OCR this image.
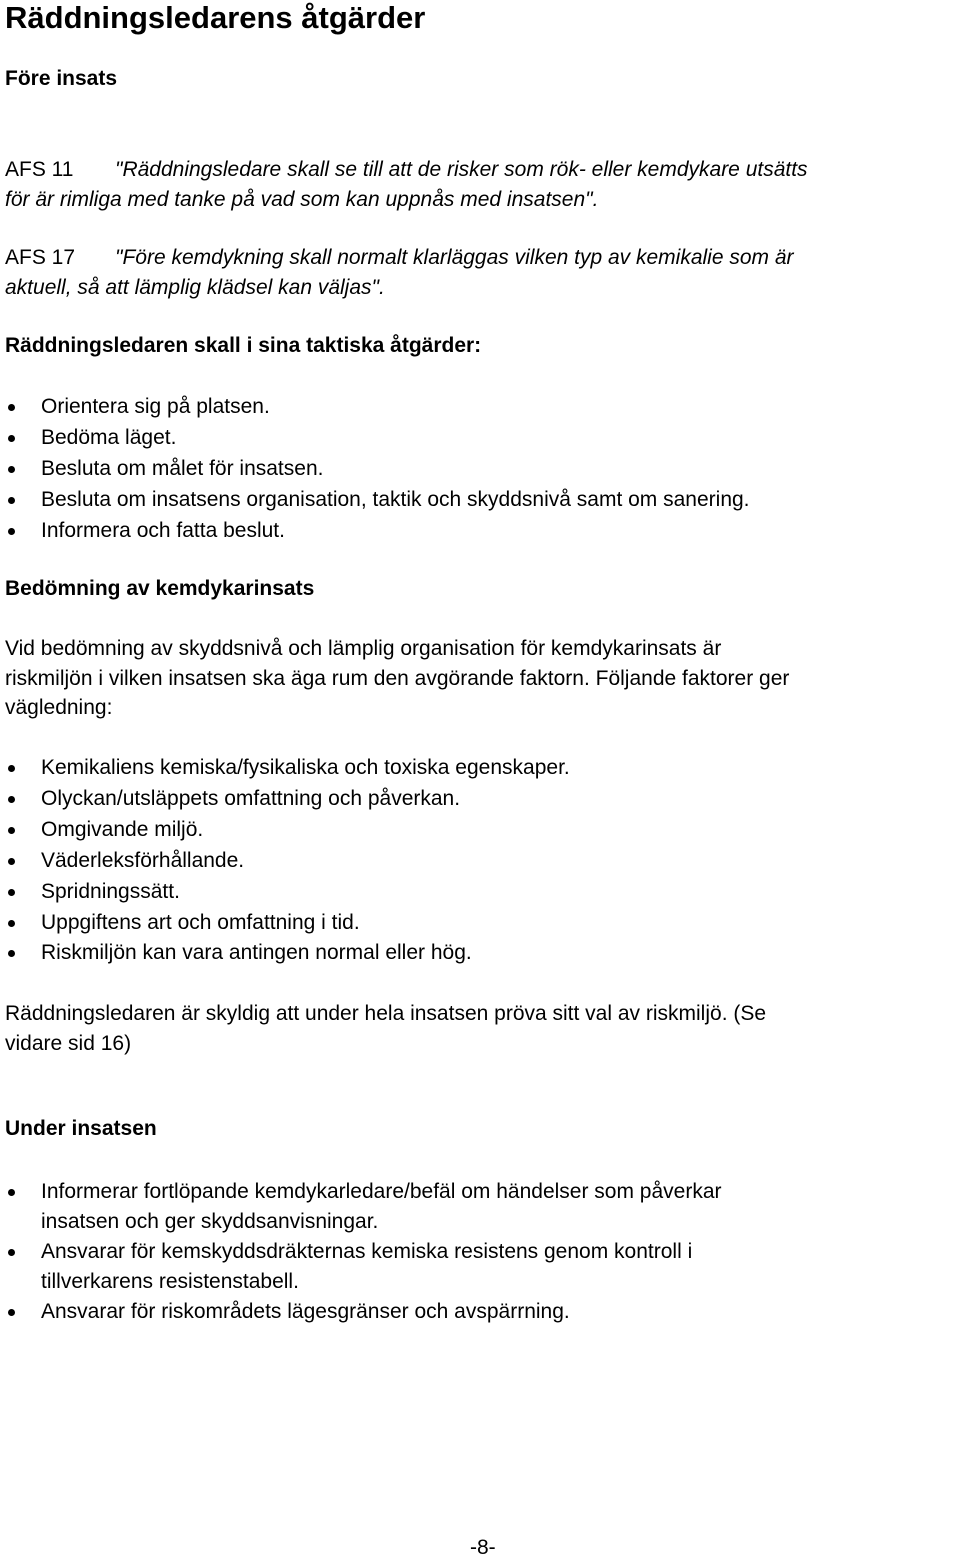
Räddningsledarens åtgärder
Före insats
AFS 11 "Räddningsledare skall se till att de risker som rök- eller kemdykare utsätts
för är rimliga med tanke på vad som kan uppnås med insatsen".
AFS 17 "Före kemdykning skall normalt klarläggas vilken typ av kemikalie som är
aktuell, så att lämplig klädsel kan väljas".
Räddningsledaren skall i sina taktiska åtgärder:
Orientera sig på platsen.
Bedöma läget.
Besluta om målet för insatsen.
Besluta om insatsens organisation, taktik och skyddsnivå samt om sanering.
Informera och fatta beslut.
Bedömning av kemdykarinsats
Vid bedömning av skyddsnivå och lämplig organisation för kemdykarinsats är
riskmiljön i vilken insatsen ska äga rum den avgörande faktorn. Följande faktorer ger
vägledning:
Kemikaliens kemiska/fysikaliska och toxiska egenskaper.
Olyckan/utsläppets omfattning och påverkan.
Omgivande miljö.
Väderleksförhållande.
Spridningssätt.
Uppgiftens art och omfattning i tid.
Riskmiljön kan vara antingen normal eller hög.
Räddningsledaren är skyldig att under hela insatsen pröva sitt val av riskmiljö. (Se
vidare sid 16)
Under insatsen
Informerar fortlöpande kemdykarledare/befäl om händelser som påverkar
insatsen och ger skyddsanvisningar.
Ansvarar för kemskyddsdräkternas kemiska resistens genom kontroll i
tillverkarens resistenstabell.
Ansvarar för riskområdets lägesgränser och avspärrning.
-8-
